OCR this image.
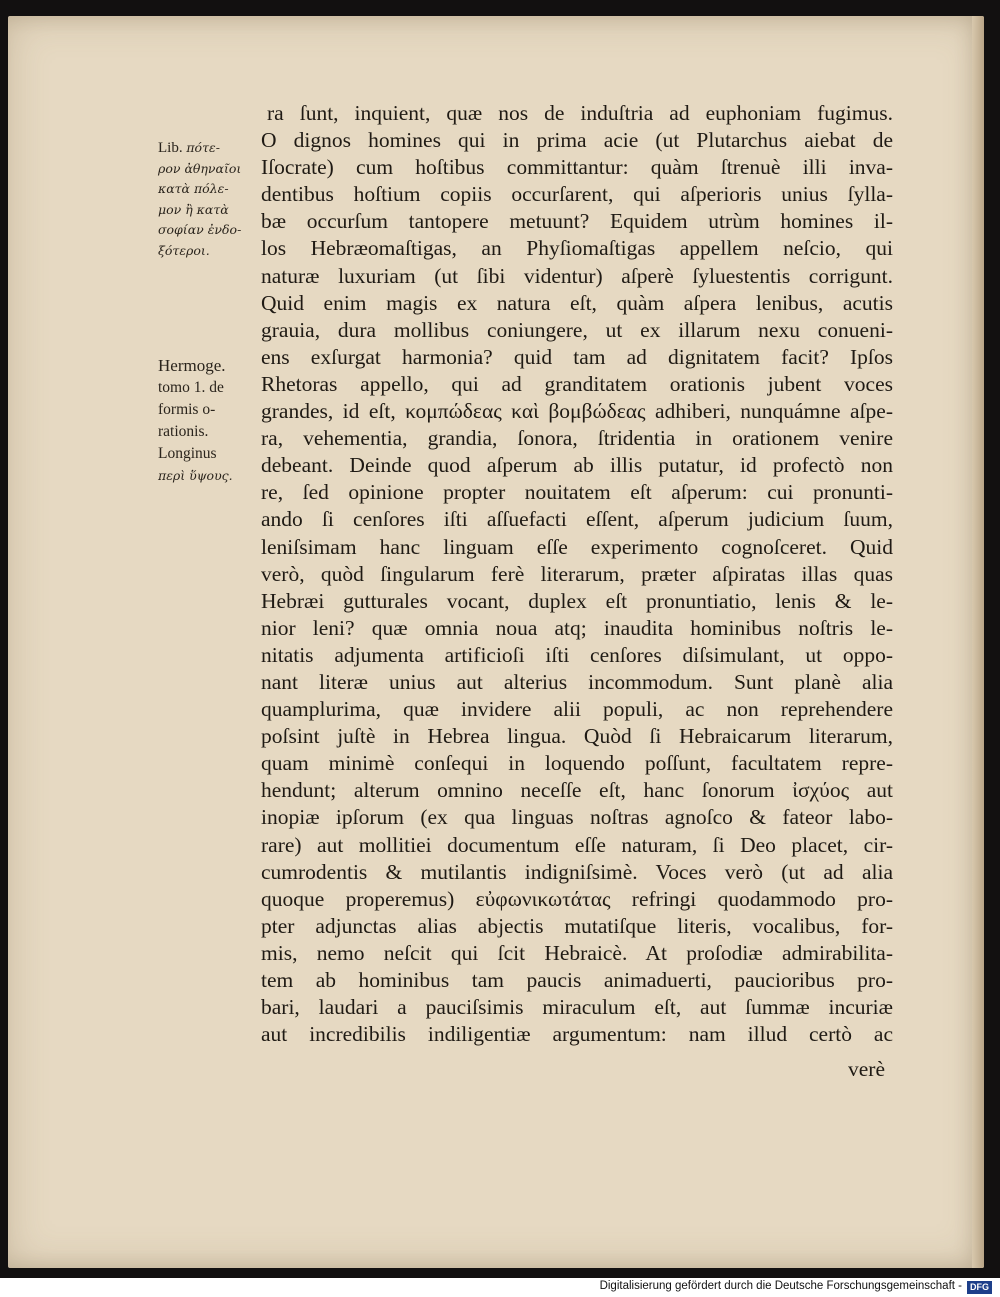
ra ſunt, inquient, quæ nos de induſtria ad euphoniam fugimus.
O dignos homines qui in prima acie (ut Plutarchus aiebat de
Iſocrate) cum hoſtibus committantur: quàm ſtrenuè illi inva-
dentibus hoſtium copiis occurſarent, qui aſperioris unius ſylla-
bæ occurſum tantopere metuunt? Equidem utrùm homines il-
los Hebræomaſtigas, an Phyſiomaſtigas appellem neſcio, qui
naturæ luxuriam (ut ſibi videntur) aſperè ſyluestentis corrigunt.
Quid enim magis ex natura eſt, quàm aſpera lenibus, acutis
grauia, dura mollibus coniungere, ut ex illarum nexu conueni-
ens exſurgat harmonia? quid tam ad dignitatem facit? Ipſos
Rhetoras appello, qui ad granditatem orationis jubent voces
grandes, id eſt, κομπώδεας καὶ βομβώδεας adhiberi, nunquámne aſpe-
ra, vehementia, grandia, ſonora, ſtridentia in orationem venire
debeant. Deinde quod aſperum ab illis putatur, id profectò non
re, ſed opinione propter nouitatem eſt aſperum: cui pronunti-
ando ſi cenſores iſti aſſuefacti eſſent, aſperum judicium ſuum,
leniſsimam hanc linguam eſſe experimento cognoſceret. Quid
verò, quòd ſingularum ferè literarum, præter aſpiratas illas quas
Hebræi gutturales vocant, duplex eſt pronuntiatio, lenis & le-
nior leni? quæ omnia noua atq; inaudita hominibus noſtris le-
nitatis adjumenta artificioſi iſti cenſores diſsimulant, ut oppo-
nant literæ unius aut alterius incommodum. Sunt planè alia
quamplurima, quæ invidere alii populi, ac non reprehendere
poſsint juſtè in Hebrea lingua. Quòd ſi Hebraicarum literarum,
quam minimè conſequi in loquendo poſſunt, facultatem repre-
hendunt; alterum omnino neceſſe eſt, hanc ſonorum ἰσχύος aut
inopiæ ipſorum (ex qua linguas noſtras agnoſco & fateor labo-
rare) aut mollitiei documentum eſſe naturam, ſi Deo placet, cir-
cumrodentis & mutilantis indigniſsimè. Voces verò (ut ad alia
quoque properemus) εὐφωνικωτάτας refringi quodammodo pro-
pter adjunctas alias abjectis mutatiſque literis, vocalibus, for-
mis, nemo neſcit qui ſcit Hebraicè. At proſodiæ admirabilita-
tem ab hominibus tam paucis animaduerti, paucioribus pro-
bari, laudari a pauciſsimis miraculum eſt, aut ſummæ incuriæ
aut incredibilis indiligentiæ argumentum: nam illud certò ac
verè
Lib. πότε-
ρον ἀθηναῖοι
κατὰ πόλε-
μον ἢ κατὰ
σοφίαν ἐνδο-
ξότεροι.
Hermoge.
tomo 1. de
formis o-
rationis.
Longinus
περὶ ὕψους.
Digitalisierung gefördert durch die Deutsche Forschungsgemeinschaft - DFG
